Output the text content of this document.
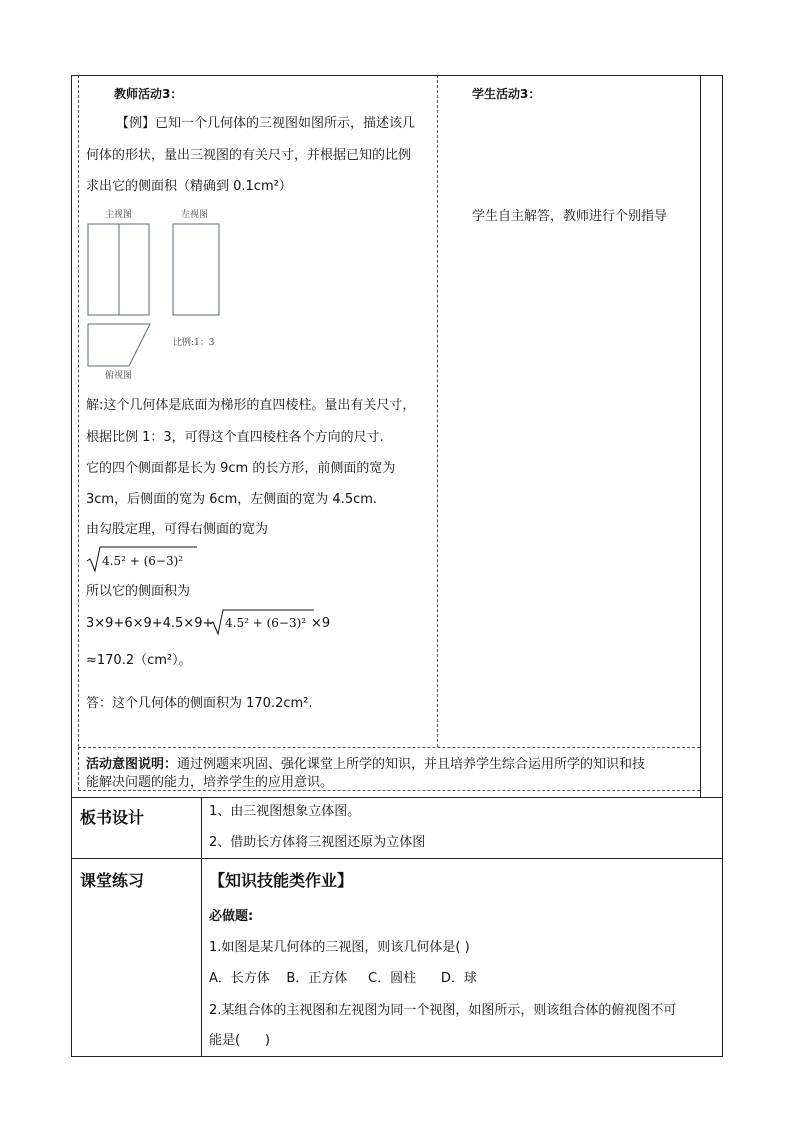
教师活动3：
【例】已知一个几何体的三视图如图所示，描述该几
何体的形状，量出三视图的有关尺寸，并根据已知的比例
求出它的侧面积（精确到 0.1cm²）
主视图	左视图
比例:1：3
俯视图
解:这个几何体是底面为梯形的直四棱柱。量出有关尺寸，
根据比例 1：3，可得这个直四棱柱各个方向的尺寸.
它的四个侧面都是长为 9cm 的长方形，前侧面的宽为
3cm，后侧面的宽为 6cm，左侧面的宽为 4.5cm.
由勾股定理，可得右侧面的宽为
4.5² + (6−3)²
所以它的侧面积为
3×9+6×9+4.5×9+ 4.5² + (6−3)² ×9
≈170.2（cm²）。
答：这个几何体的侧面积为 170.2cm².
学生活动3：
学生自主解答，教师进行个别指导
活动意图说明：通过例题来巩固、强化课堂上所学的知识，并且培养学生综合运用所学的知识和技
能解决问题的能力，培养学生的应用意识。
板书设计	1、由三视图想象立体图。
2、借助长方体将三视图还原为立体图
课堂练习	【知识技能类作业】
必做题:
1.如图是某几何体的三视图，则该几何体是( )
A．长方体    B．正方体     C．圆柱      D．球
2.某组合体的主视图和左视图为同一个视图，如图所示，则该组合体的俯视图不可
能是(      )
